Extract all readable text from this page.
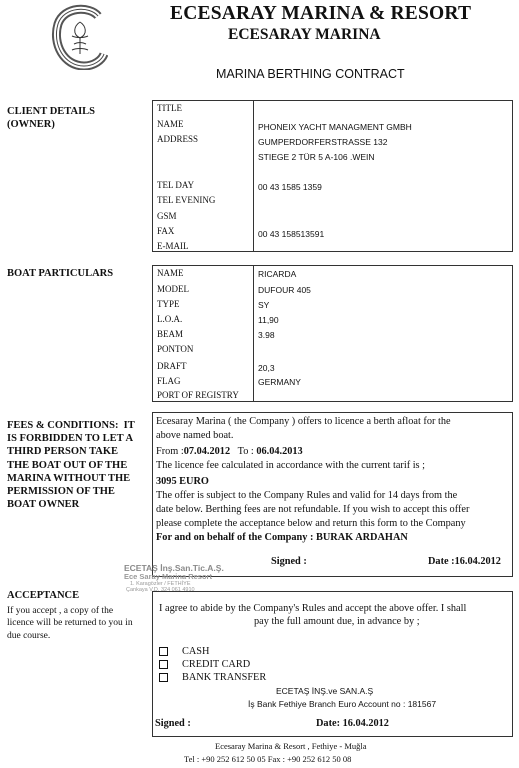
ECESARAY MARINA & RESORT
ECESARAY MARINA
MARINA BERTHING CONTRACT
CLIENT DETAILS
(OWNER)
TITLE
NAME	PHONEIX YACHT MANAGMENT GMBH
ADDRESS	GUMPERDORFERSTRASSE 132
STIEGE 2 TÜR 5 A-106 .WEIN
TEL DAY	00 43 1585 1359
TEL EVENING
GSM
FAX	00 43 158513591
E-MAIL
BOAT PARTICULARS	NAME	RICARDA
MODEL	DUFOUR 405
TYPE	SY
L.O.A.	11,90
BEAM	3.98
PONTON
DRAFT	20,3
FLAG	GERMANY
PORT OF REGISTRY
FEES & CONDITIONS:  IT
IS FORBIDDEN TO LET A
THIRD PERSON TAKE
THE BOAT OUT OF THE
MARINA WITHOUT THE
PERMISSION OF THE
BOAT OWNER
Ecesaray Marina ( the Company ) offers to licence a berth afloat for the
above named boat.
From :07.04.2012   To : 06.04.2013
The licence fee calculated in accordance with the current tarif is ;
3095 EURO
The offer is subject to the Company Rules and valid for 14 days from the
date below. Berthing fees are not refundable. If you wish to accept this offer
please complete the acceptance below and return this form to the Company
For and on behalf of the Company : BURAK ARDAHAN
Signed :	Date :16.04.2012
ECETAŞ İnş.San.Tic.A.Ş.
Ece Saray Marina Resort
1. Karagözler / FETHİYE
Çankaya V.D. 324 061 4910
ACCEPTANCE
If you accept , a copy of the
licence will be returned to you in
due course.
I agree to abide by the Company's Rules and accept the above offer. I shall
pay the full amount due, in advance by ;
CASH
CREDIT CARD
BANK TRANSFER
ECETAŞ İNŞ.ve SAN.A.Ş
İş Bank Fethiye Branch Euro Account no : 181567
Signed :	Date: 16.04.2012
Ecesaray Marina & Resort , Fethiye - Muğla
Tel : +90 252 612 50 05 Fax : +90 252 612 50 08
